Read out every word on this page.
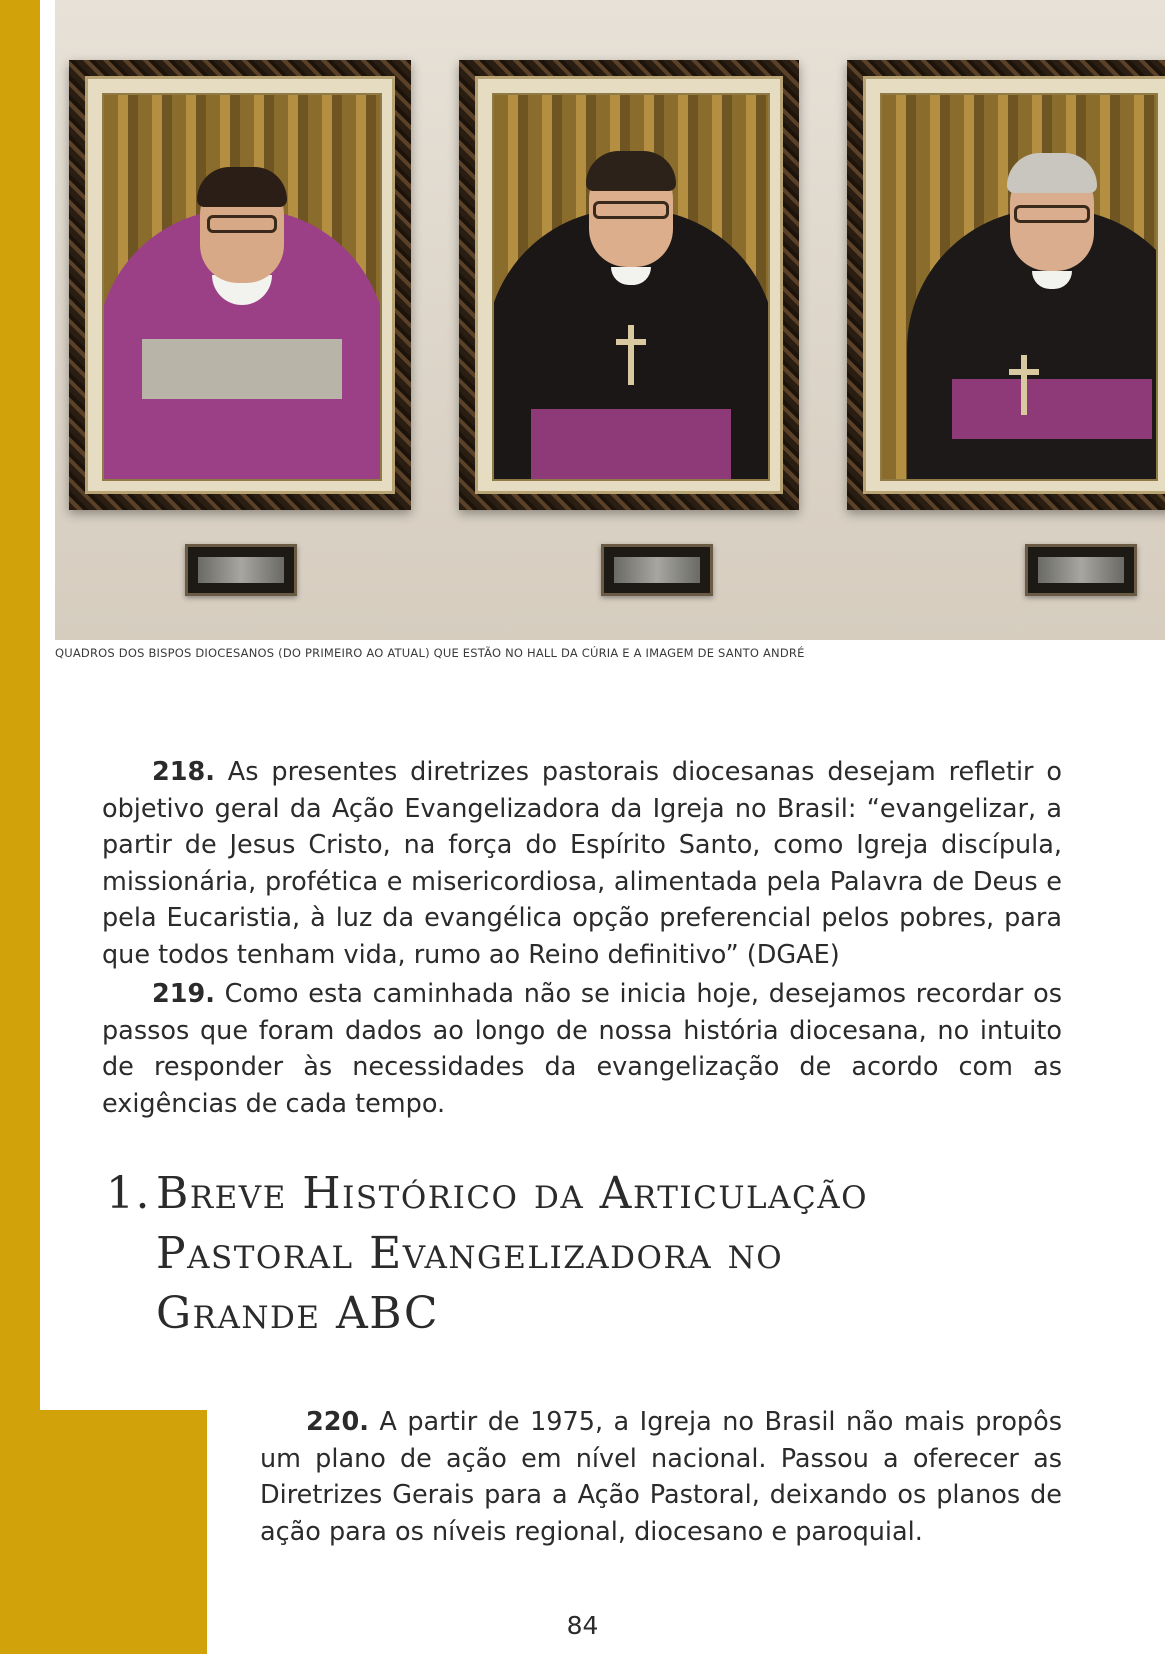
QUADROS DOS BISPOS DIOCESANOS (DO PRIMEIRO AO ATUAL) QUE ESTÃO NO HALL DA CÚRIA E A IMAGEM DE SANTO ANDRÉ

218. As presentes diretrizes pastorais diocesanas desejam refletir o objetivo geral da Ação Evangelizadora da Igreja no Brasil: “evangelizar, a partir de Jesus Cristo, na força do Espírito Santo, como Igreja discípula, missionária, profética e misericordiosa, alimentada pela Palavra de Deus e pela Eucaristia, à luz da evangélica opção preferencial pelos pobres, para que todos tenham vida, rumo ao Reino definitivo” (DGAE)

219. Como esta caminhada não se inicia hoje, desejamos recordar os passos que foram dados ao longo de nossa história diocesana, no intuito de responder às necessidades da evangelização de acordo com as exigências de cada tempo.

1. Breve Histórico da Articulação
Pastoral Evangelizadora no
Grande ABC

220. A partir de 1975, a Igreja no Brasil não mais propôs um plano de ação em nível nacional. Passou a oferecer as Diretrizes Gerais para a Ação Pastoral, deixando os planos de ação para os níveis regional, diocesano e paroquial.

84
